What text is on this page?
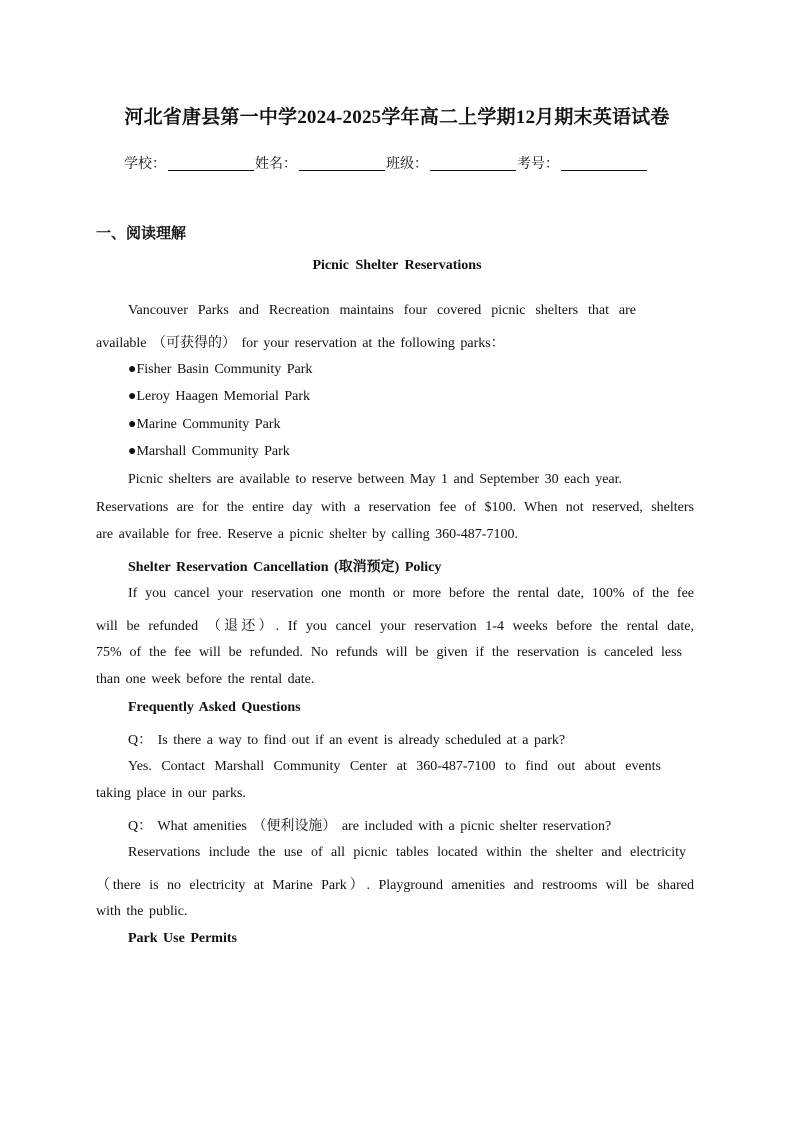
河北省唐县第一中学2024-2025学年高二上学期12月期末英语试卷
学校：	姓名：	班级：	考号：
一、阅读理解
Picnic Shelter Reservations
Vancouver Parks and Recreation maintains four covered picnic shelters that are
available （可获得的） for your reservation at the following parks：
●Fisher Basin Community Park
●Leroy Haagen Memorial Park
●Marine Community Park
●Marshall Community Park
Picnic shelters are available to reserve between May 1 and September 30 each year.
Reservations are for the entire day with a reservation fee of $100. When not reserved, shelters
are available for free. Reserve a picnic shelter by calling 360-487-7100.
Shelter Reservation Cancellation (取消预定) Policy
If you cancel your reservation one month or more before the rental date, 100% of the fee
will be refunded （退还）. If you cancel your reservation 1-4 weeks before the rental date,
75% of the fee will be refunded. No refunds will be given if the reservation is canceled less
than one week before the rental date.
Frequently Asked Questions
Q： Is there a way to find out if an event is already scheduled at a park?
Yes. Contact Marshall Community Center at 360-487-7100 to find out about events
taking place in our parks.
Q： What amenities （便利设施） are included with a picnic shelter reservation?
Reservations include the use of all picnic tables located within the shelter and electricity
（there is no electricity at Marine Park）. Playground amenities and restrooms will be shared
with the public.
Park Use Permits
